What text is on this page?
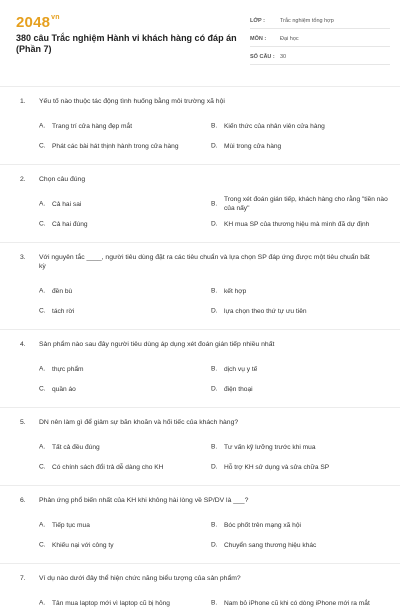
$2048^{vn}$
380 câu Trắc nghiệm Hành vi khách hàng có đáp án (Phần 7)
LỚP :	Trắc nghiệm tổng hợp
MÔN :	Đại học
SỐ CÂU : 30
1. Yếu tố nào thuộc tác động tình huống bằng môi trường xã hội
A. Trang trí cửa hàng đẹp mắt	B. Kiến thức của nhân viên cửa hàng
C. Phát các bài hát thịnh hành trong cửa hàng	D. Mùi trong cửa hàng
2. Chọn câu đúng
A. Cả hai sai	B.
Trong xét đoán gián tiếp, khách hàng cho rằng "tiền nào của nấy"
C. Cả hai đúng	D. KH mua SP của thương hiệu mà mình đã dự định
3. Với nguyên tắc ____, người tiêu dùng đặt ra các tiêu chuẩn và lựa chọn SP đáp ứng được một tiêu chuẩn bất kỳ
A. đền bù	B. kết hợp
C. tách rời	D. lựa chọn theo thứ tự ưu tiên
4. Sản phẩm nào sau đây người tiêu dùng áp dụng xét đoán gián tiếp nhiều nhất
A. thực phẩm	B. dịch vụ y tế
C. quần áo	D. điện thoại
5. DN nên làm gì để giảm sự băn khoăn và hối tiếc của khách hàng?
A. Tất cả đều đúng	B. Tư vấn kỹ lưỡng trước khi mua
C. Có chính sách đổi trả dễ dàng cho KH	D. Hỗ trợ KH sử dụng và sửa chữa SP
6. Phản ứng phổ biến nhất của KH khi không hài lòng về SP/DV là ___?
A. Tiếp tục mua	B. Bóc phốt trên mạng xã hội
C. Khiếu nại với công ty	D. Chuyển sang thương hiệu khác
7. Ví dụ nào dưới đây thể hiện chức năng biểu tượng của sản phẩm?
A. Tân mua laptop mới vì laptop cũ bị hỏng	B. Nam bỏ iPhone cũ khi có dòng iPhone mới ra mắt
